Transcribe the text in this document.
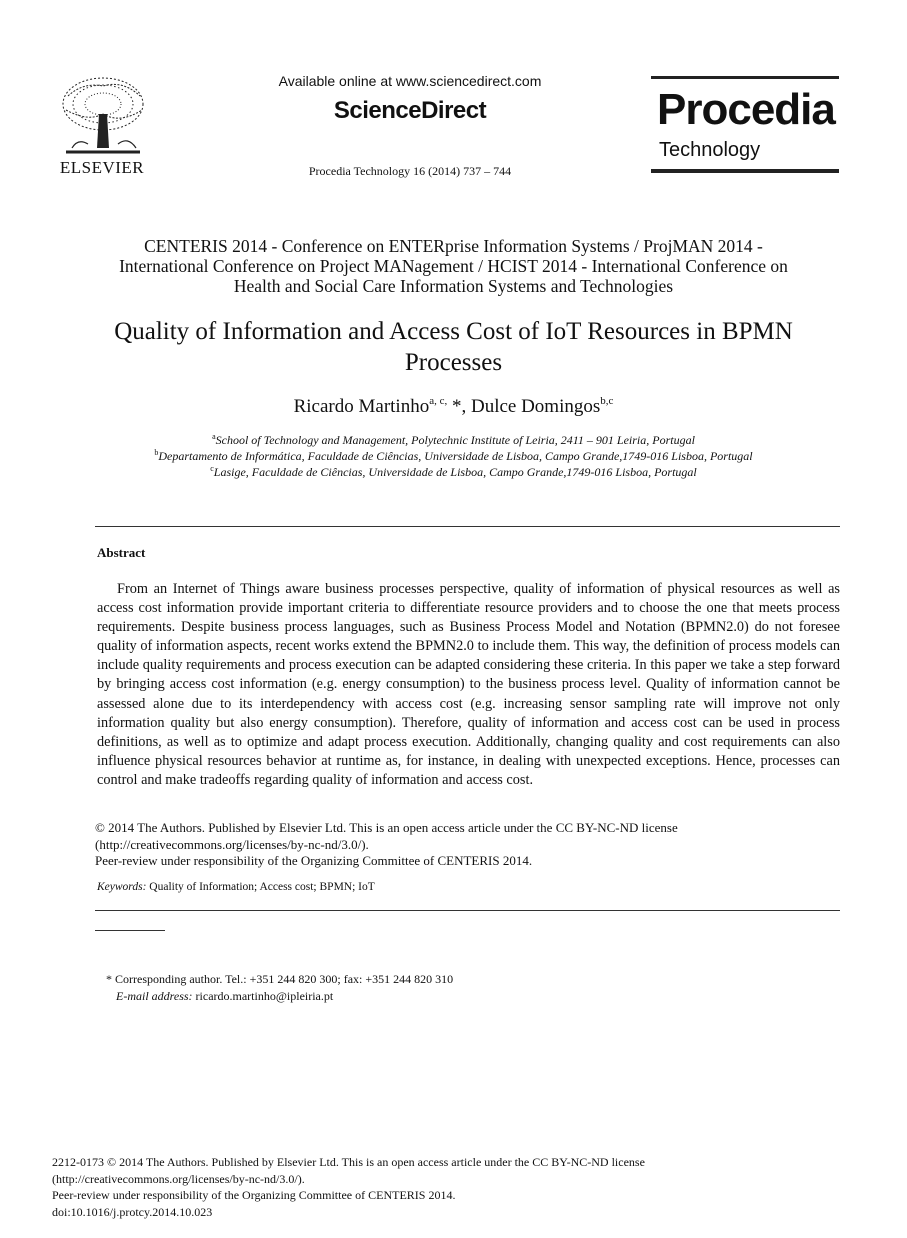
ELSEVIER
Available online at www.sciencedirect.com
ScienceDirect
Procedia Technology 16 (2014) 737 – 744
Procedia
Technology
CENTERIS 2014 - Conference on ENTERprise Information Systems / ProjMAN 2014 -
International Conference on Project MANagement / HCIST 2014 - International Conference on
Health and Social Care Information Systems and Technologies
Quality of Information and Access Cost of IoT Resources in BPMN
Processes
Ricardo Martinho$^{a, c,}$ *, Dulce Domingos$^{b,c}$
$^a$School of Technology and Management, Polytechnic Institute of Leiria, 2411 – 901 Leiria, Portugal
$^b$Departamento de Informática, Faculdade de Ciências, Universidade de Lisboa, Campo Grande,1749-016 Lisboa, Portugal
$^c$Lasige, Faculdade de Ciências, Universidade de Lisboa, Campo Grande,1749-016 Lisboa, Portugal
Abstract
From an Internet of Things aware business processes perspective, quality of information of physical resources as well as access cost information provide important criteria to differentiate resource providers and to choose the one that meets process requirements. Despite business process languages, such as Business Process Model and Notation (BPMN2.0) do not foresee quality of information aspects, recent works extend the BPMN2.0 to include them. This way, the definition of process models can include quality requirements and process execution can be adapted considering these criteria. In this paper we take a step forward by bringing access cost information (e.g. energy consumption) to the business process level. Quality of information cannot be assessed alone due to its interdependency with access cost (e.g. increasing sensor sampling rate will improve not only information quality but also energy consumption). Therefore, quality of information and access cost can be used in process definitions, as well as to optimize and adapt process execution. Additionally, changing quality and cost requirements can also influence physical resources behavior at runtime as, for instance, in dealing with unexpected exceptions. Hence, processes can control and make tradeoffs regarding quality of information and access cost.
© 2014 The Authors. Published by Elsevier Ltd. This is an open access article under the CC BY-NC-ND license
(http://creativecommons.org/licenses/by-nc-nd/3.0/).
Peer-review under responsibility of the Organizing Committee of CENTERIS 2014.
Keywords: Quality of Information; Access cost; BPMN; IoT
* Corresponding author. Tel.: +351 244 820 300; fax: +351 244 820 310
E-mail address: ricardo.martinho@ipleiria.pt
2212-0173 © 2014 The Authors. Published by Elsevier Ltd. This is an open access article under the CC BY-NC-ND license
(http://creativecommons.org/licenses/by-nc-nd/3.0/).
Peer-review under responsibility of the Organizing Committee of CENTERIS 2014.
doi:10.1016/j.protcy.2014.10.023
